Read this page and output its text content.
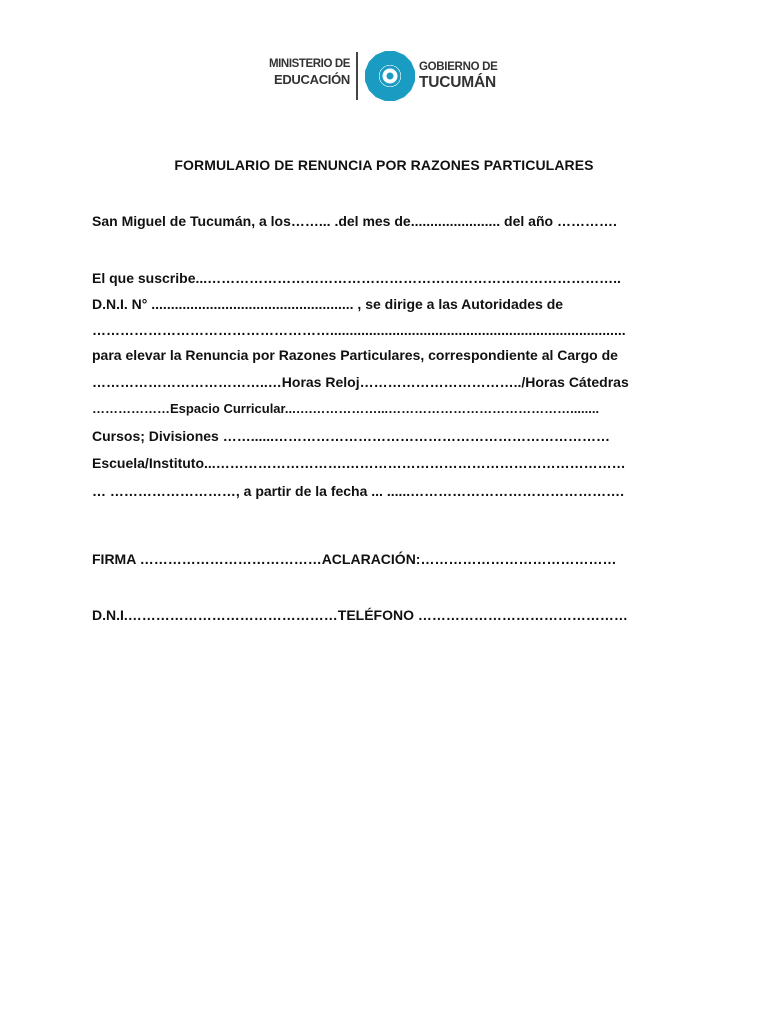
MINISTERIO DE
EDUCACIÓN
GOBIERNO DE
TUCUMÁN
FORMULARIO DE RENUNCIA POR RAZONES PARTICULARES
San Miguel de Tucumán, a los……... .del mes de....................... del año ………….
El que suscribe...……………………………………………………………………………..
D.N.I. N° .................................................... , se dirige a las Autoridades de
……………………………………………............................................................................
para elevar la Renuncia por Razones Particulares, correspondiente al Cargo de
………………………………..…Horas Reloj……………………………../Horas Cátedras
………………Espacio Curricular...….……………...……………………………………........
Cursos; Divisiones ……......………………………………………………………………
Escuela/Instituto...……………………….……………………………………………………
… ………………………, a partir de la fecha ... ......……………………………………….
FIRMA …………………………………ACLARACIÓN:……………………………………
D.N.I.………………………………………TELÉFONO ………………………………………
